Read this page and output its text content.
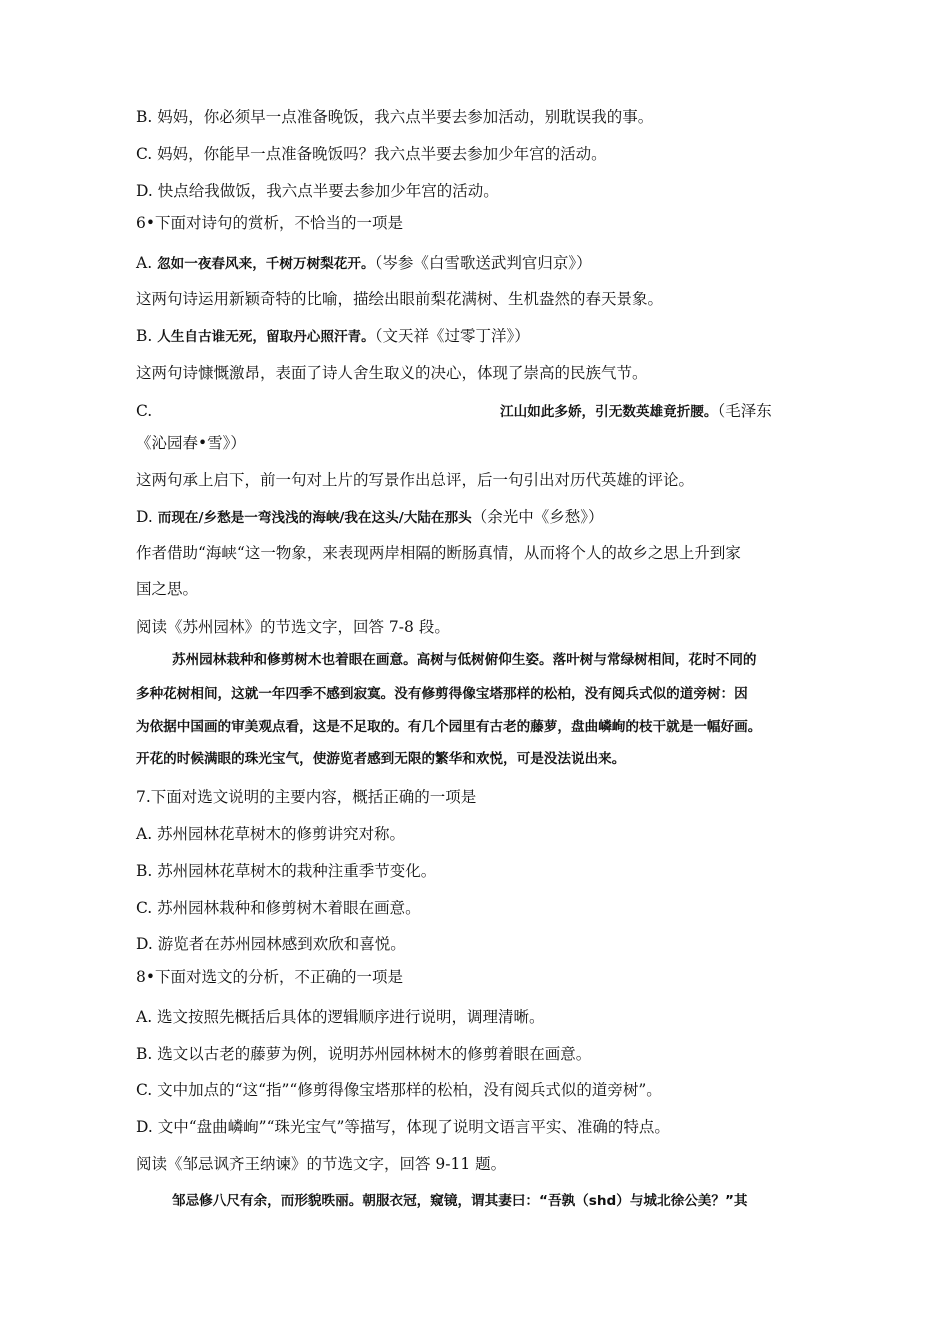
B. 妈妈，你必须早一点准备晚饭，我六点半要去参加活动，别耽误我的事。
C. 妈妈，你能早一点准备晚饭吗？我六点半要去参加少年宫的活动。
D. 快点给我做饭，我六点半要去参加少年宫的活动。
6•下面对诗句的赏析，不恰当的一项是
A. 忽如一夜春风来，千树万树梨花开。（岑参《白雪歌送武判官归京》）
这两句诗运用新颖奇特的比喻，描绘出眼前梨花满树、生机盎然的春天景象。
B. 人生自古谁无死，留取丹心照汗青。（文天祥《过零丁洋》）
这两句诗慷慨激昂，表面了诗人舍生取义的决心，体现了崇高的民族气节。
C.	江山如此多娇，引无数英雄竟折腰。（毛泽东
《沁园春•雪》）
这两句承上启下，前一句对上片的写景作出总评，后一句引出对历代英雄的评论。
D. 而现在/乡愁是一弯浅浅的海峡/我在这头/大陆在那头（余光中《乡愁》）
作者借助“海峡“这一物象，来表现两岸相隔的断肠真情，从而将个人的故乡之思上升到家
国之思。
阅读《苏州园林》的节选文字，回答 7-8 段。
苏州园林栽种和修剪树木也着眼在画意。高树与低树俯仰生姿。落叶树与常绿树相间，花时不同的
多种花树相间，这就一年四季不感到寂寞。没有修剪得像宝塔那样的松柏，没有阅兵式似的道旁树：因
为依据中国画的审美观点看，这是不足取的。有几个园里有古老的藤萝，盘曲嶙峋的枝干就是一幅好画。
开花的时候满眼的珠光宝气，使游览者感到无限的繁华和欢悦，可是没法说出来。
7.下面对选文说明的主要内容，概括正确的一项是
A. 苏州园林花草树木的修剪讲究对称。
B. 苏州园林花草树木的栽种注重季节变化。
C. 苏州园林栽种和修剪树木着眼在画意。
D. 游览者在苏州园林感到欢欣和喜悦。
8•下面对选文的分析，不正确的一项是
A. 选文按照先概括后具体的逻辑顺序进行说明，调理清晰。
B. 选文以古老的藤萝为例，说明苏州园林树木的修剪着眼在画意。
C. 文中加点的“这“指”“修剪得像宝塔那样的松柏，没有阅兵式似的道旁树”。
D. 文中“盘曲嶙峋”“珠光宝气”等描写，体现了说明文语言平实、准确的特点。
阅读《邹忌讽齐王纳谏》的节选文字，回答 9-11 题。
邹忌修八尺有余，而形貌昳丽。朝服衣冠，窥镜，谓其妻曰：“吾孰（shd）与城北徐公美？”其
